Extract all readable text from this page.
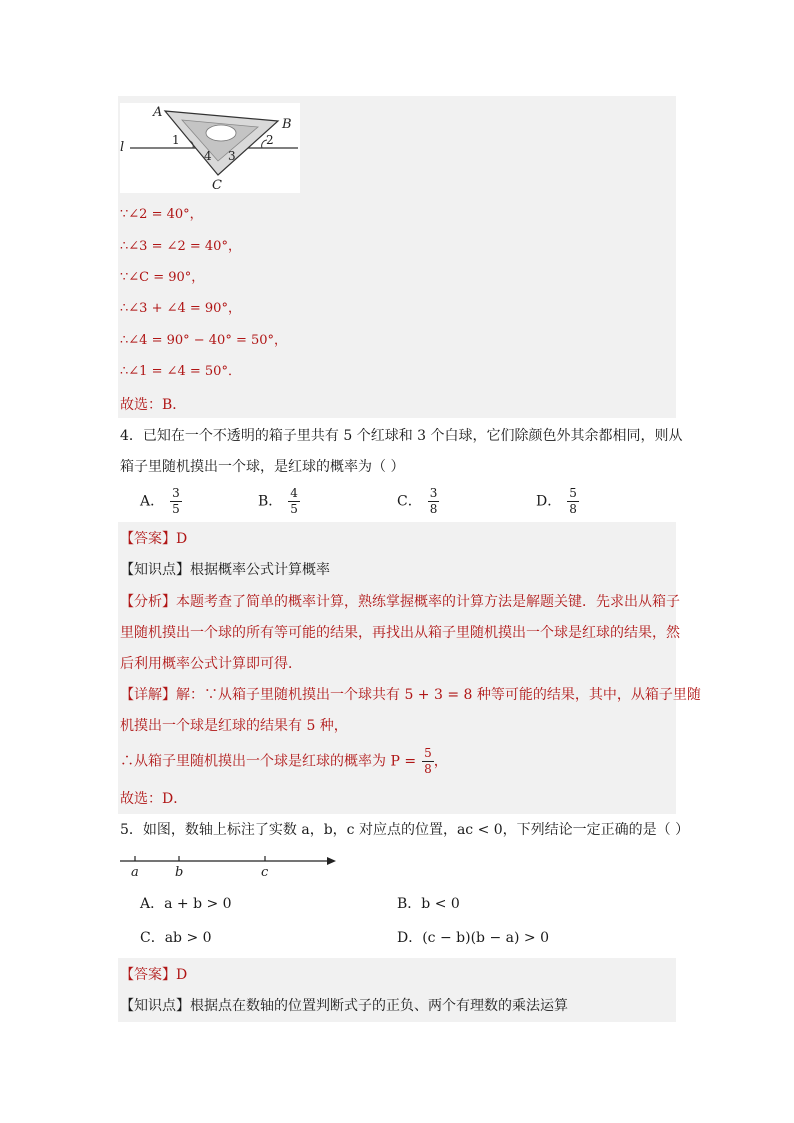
A
B
C
l	1	2
3
4
∵∠2 = 40°，
∴∠3 = ∠2 = 40°，
∵∠C = 90°，
∴∠3 + ∠4 = 90°，
∴∠4 = 90° − 40° = 50°，
∴∠1 = ∠4 = 50°．
故选：B．
4．已知在一个不透明的箱子里共有 5 个红球和 3 个白球，它们除颜色外其余都相同，则从
箱子里随机摸出一个球，是红球的概率为（ ）
A． $\frac{3}{5}$	B． $\frac{4}{5}$	C． $\frac{3}{8}$	D． $\frac{5}{8}$
【答案】D
【知识点】根据概率公式计算概率
【分析】本题考查了简单的概率计算，熟练掌握概率的计算方法是解题关键．先求出从箱子
里随机摸出一个球的所有等可能的结果，再找出从箱子里随机摸出一个球是红球的结果，然
后利用概率公式计算即可得．
【详解】解：∵从箱子里随机摸出一个球共有 5 + 3 = 8 种等可能的结果，其中，从箱子里随
机摸出一个球是红球的结果有 5 种，
∴从箱子里随机摸出一个球是红球的概率为 $P = \frac{5}{8}$ ，
故选：D．
5．如图，数轴上标注了实数 a，b，c 对应点的位置，ac < 0，下列结论一定正确的是（ ）
a	b	c
A．a + b > 0	B．b < 0
C．ab > 0	D．(c − b)(b − a) > 0
【答案】D
【知识点】根据点在数轴的位置判断式子的正负、两个有理数的乘法运算
